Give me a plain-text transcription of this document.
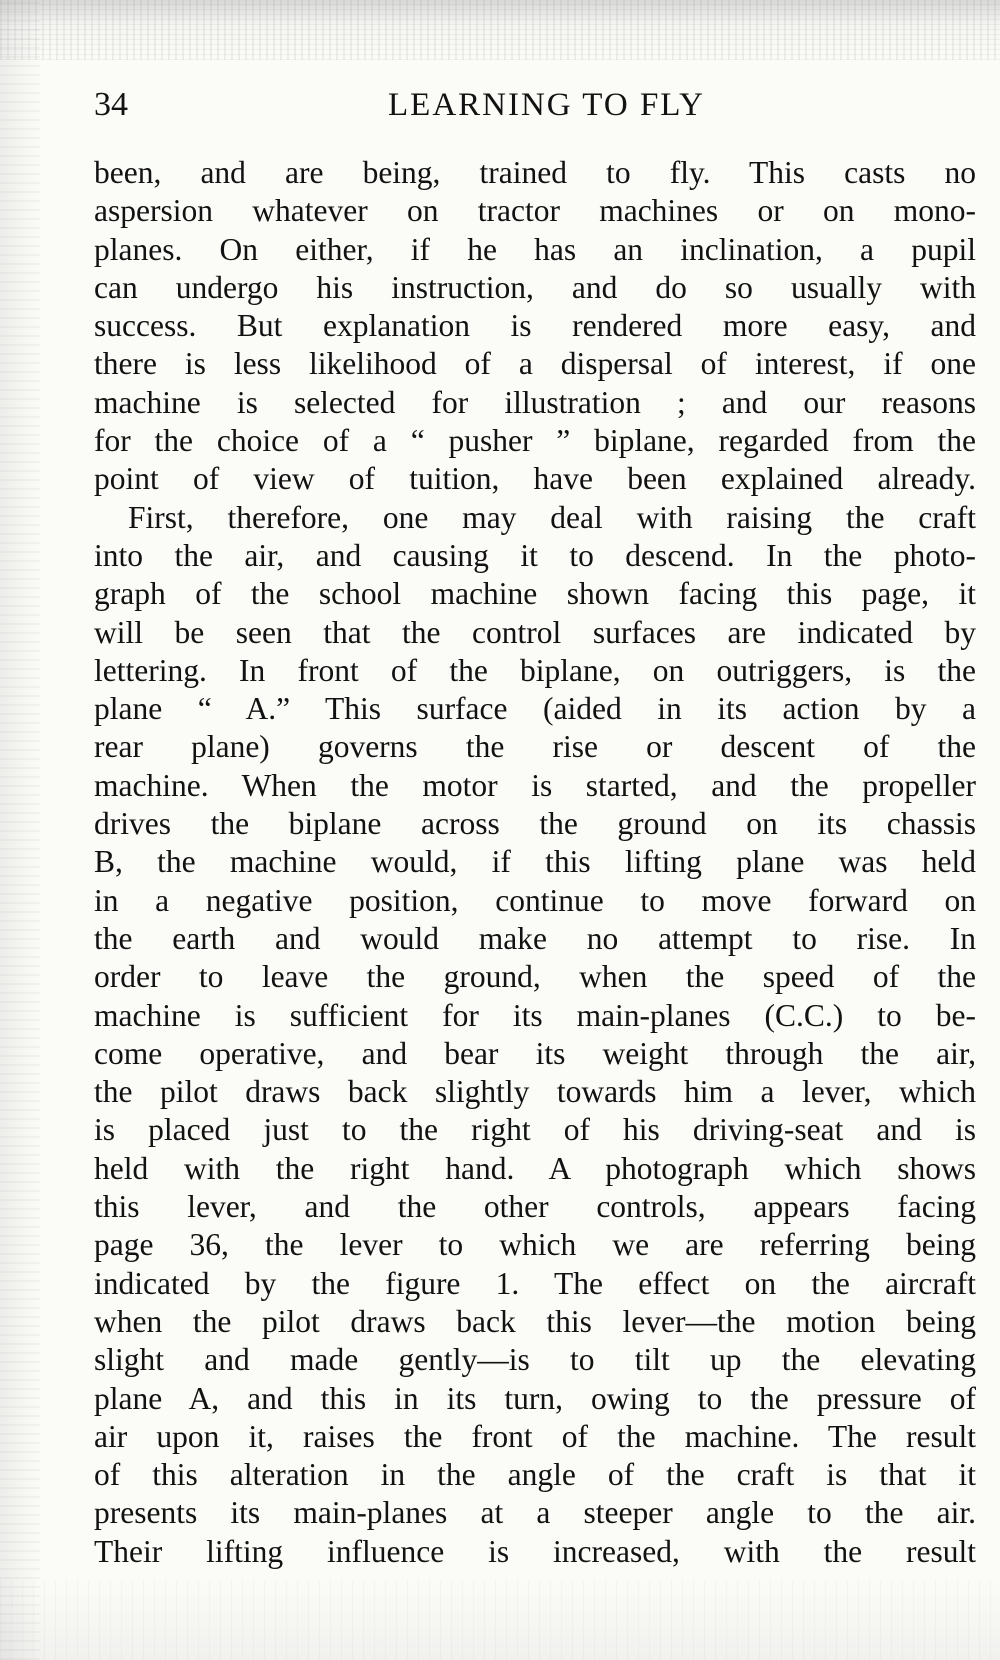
34	LEARNING TO FLY
been, and are being, trained to fly. This casts no
aspersion whatever on tractor machines or on mono-
planes. On either, if he has an inclination, a pupil
can undergo his instruction, and do so usually with
success. But explanation is rendered more easy, and
there is less likelihood of a dispersal of interest, if one
machine is selected for illustration ; and our reasons
for the choice of a “ pusher ” biplane, regarded from the
point of view of tuition, have been explained already.
First, therefore, one may deal with raising the craft
into the air, and causing it to descend. In the photo-
graph of the school machine shown facing this page, it
will be seen that the control surfaces are indicated by
lettering. In front of the biplane, on outriggers, is the
plane “ A.” This surface (aided in its action by a
rear plane) governs the rise or descent of the
machine. When the motor is started, and the propeller
drives the biplane across the ground on its chassis
B, the machine would, if this lifting plane was held
in a negative position, continue to move forward on
the earth and would make no attempt to rise. In
order to leave the ground, when the speed of the
machine is sufficient for its main-planes (C.C.) to be-
come operative, and bear its weight through the air,
the pilot draws back slightly towards him a lever, which
is placed just to the right of his driving-seat and is
held with the right hand. A photograph which shows
this lever, and the other controls, appears facing
page 36, the lever to which we are referring being
indicated by the figure 1. The effect on the aircraft
when the pilot draws back this lever—the motion being
slight and made gently—is to tilt up the elevating
plane A, and this in its turn, owing to the pressure of
air upon it, raises the front of the machine. The result
of this alteration in the angle of the craft is that it
presents its main-planes at a steeper angle to the air.
Their lifting influence is increased, with the result
